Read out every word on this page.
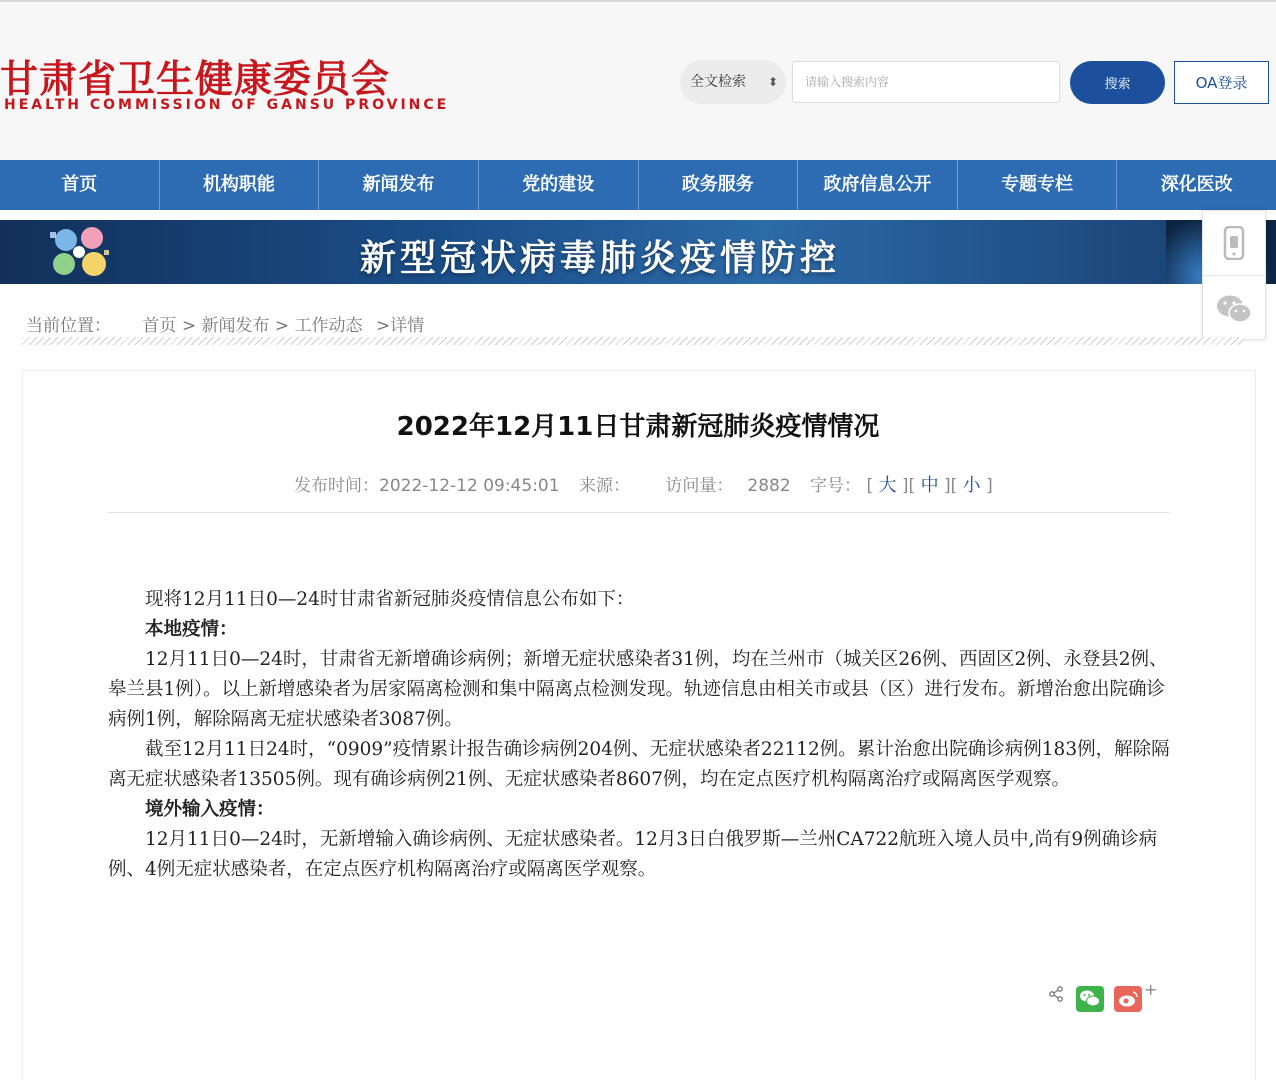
甘肃省卫生健康委员会
HEALTH COMMISSION OF GANSU PROVINCE
全文检索 ⬍
请输入搜索内容	搜索	OA登录
首页	机构职能	新闻发布	党的建设	政务服务	政府信息公开	专题专栏	深化医改
新型冠状病毒肺炎疫情防控
当前位置： 首页 > 新闻发布 > 工作动态 >详情
2022年12月11日甘肃新冠肺炎疫情情况
发布时间：2022-12-12 09:45:01 来源： 访问量： 2882 字号： [ 大 ][ 中 ][ 小 ]

现将12月11日0—24时甘肃省新冠肺炎疫情信息公布如下：

本地疫情：

12月11日0—24时，甘肃省无新增确诊病例；新增无症状感染者31例，均在兰州市（城关区26例、西固区2例、永登县2例、皋兰县1例）。以上新增感染者为居家隔离检测和集中隔离点检测发现。轨迹信息由相关市或县（区）进行发布。新增治愈出院确诊病例1例，解除隔离无症状感染者3087例。

截至12月11日24时，“0909”疫情累计报告确诊病例204例、无症状感染者22112例。累计治愈出院确诊病例183例，解除隔离无症状感染者13505例。现有确诊病例21例、无症状感染者8607例，均在定点医疗机构隔离治疗或隔离医学观察。

境外输入疫情：

12月11日0—24时，无新增输入确诊病例、无症状感染者。12月3日白俄罗斯—兰州CA722航班入境人员中,尚有9例确诊病例、4例无症状感染者，在定点医疗机构隔离治疗或隔离医学观察。

+
